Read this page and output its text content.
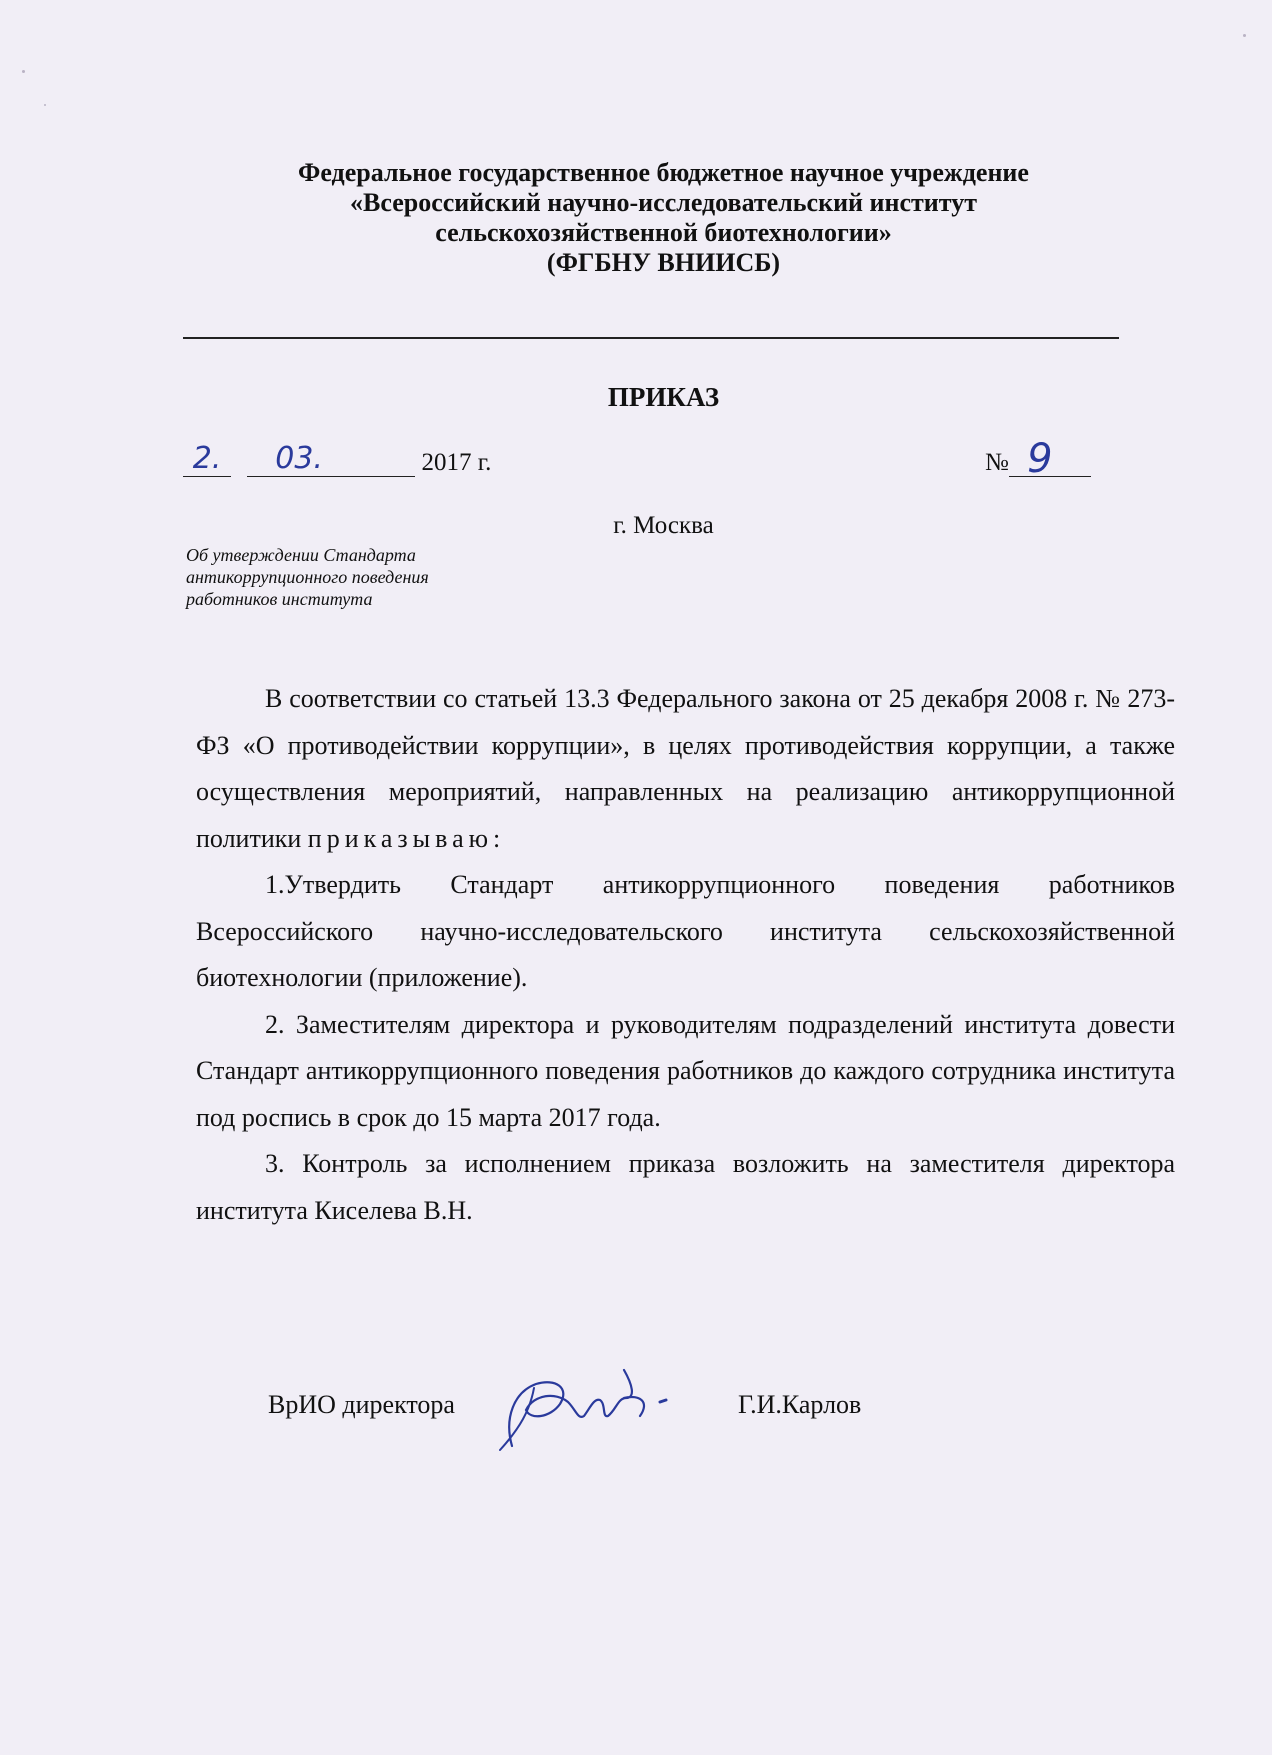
Федеральное государственное бюджетное научное учреждение
«Всероссийский научно-исследовательский институт
сельскохозяйственной биотехнологии»
(ФГБНУ ВНИИСБ)
ПРИКАЗ
2.
	03.	2017 г.	№ 9
г. Москва
Об утверждении Стандарта
антикоррупционного поведения
работников института

В соответствии со статьей 13.3 Федерального закона от 25 декабря 2008 г. № 273-ФЗ «О противодействии коррупции», в целях противодействия коррупции, а также осуществления мероприятий, направленных на реализацию антикоррупционной политики приказываю:

1.Утвердить Стандарт антикоррупционного поведения работников Всероссийского научно-исследовательского института сельскохозяйственной биотехнологии (приложение).

2. Заместителям директора и руководителям подразделений института довести Стандарт антикоррупционного поведения работников до каждого сотрудника института под роспись в срок до 15 марта 2017 года.

3. Контроль за исполнением приказа возложить на заместителя директора института Киселева В.Н.

ВрИО директора	Г.И.Карлов
